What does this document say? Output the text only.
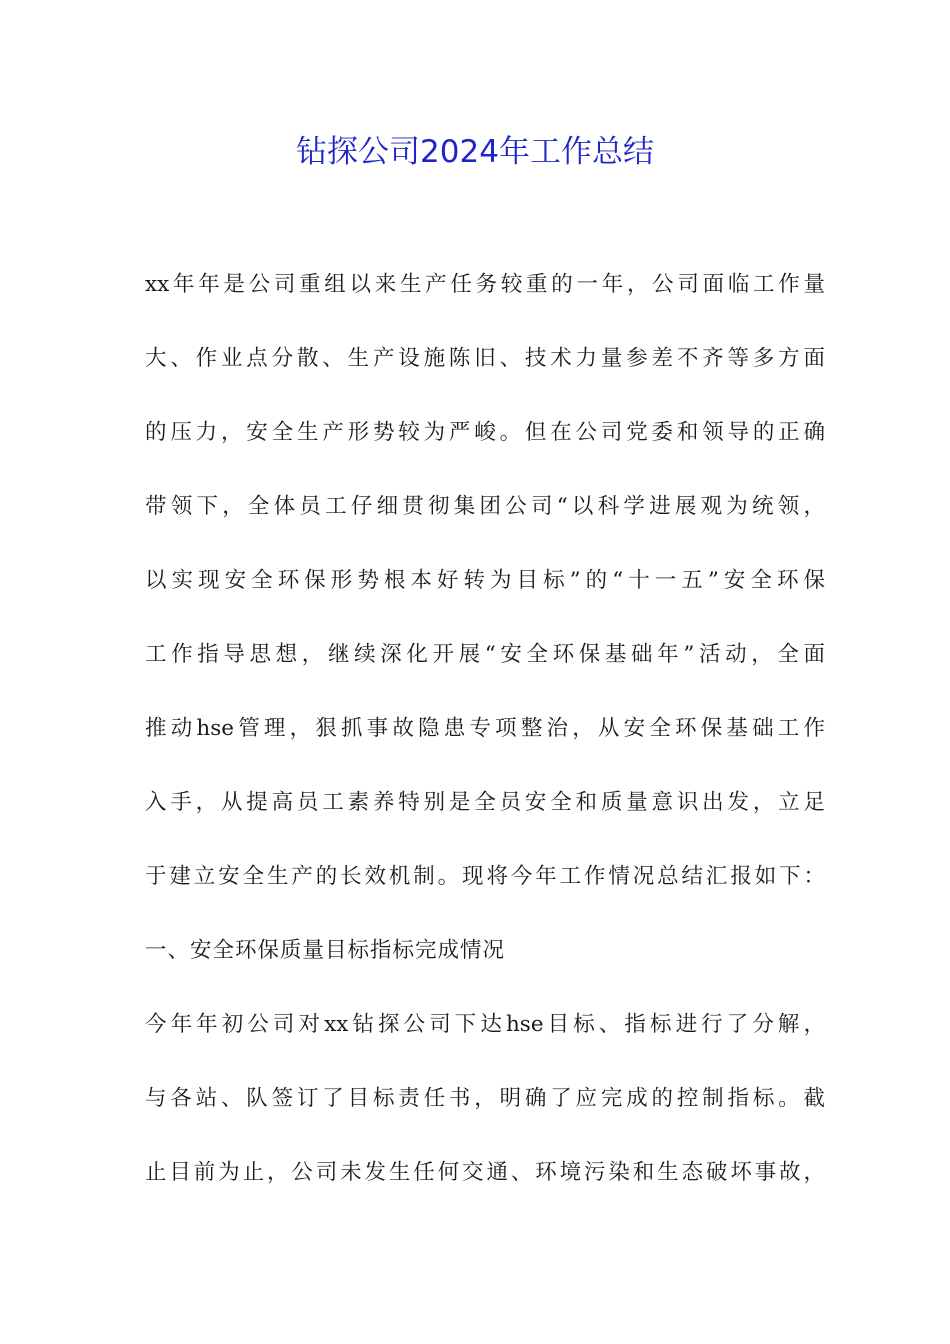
钻探公司2024年工作总结
xx年年是公司重组以来生产任务较重的一年，公司面临工作量
大、作业点分散、生产设施陈旧、技术力量参差不齐等多方面
的压力，安全生产形势较为严峻。但在公司党委和领导的正确
带领下，全体员工仔细贯彻集团公司“以科学进展观为统领，
以实现安全环保形势根本好转为目标”的“十一五”安全环保
工作指导思想，继续深化开展“安全环保基础年”活动，全面
推动hse管理，狠抓事故隐患专项整治，从安全环保基础工作
入手，从提高员工素养特别是全员安全和质量意识出发，立足
于建立安全生产的长效机制。现将今年工作情况总结汇报如下：
一、安全环保质量目标指标完成情况
今年年初公司对xx钻探公司下达hse目标、指标进行了分解，
与各站、队签订了目标责任书，明确了应完成的控制指标。截
止目前为止，公司未发生任何交通、环境污染和生态破坏事故，
